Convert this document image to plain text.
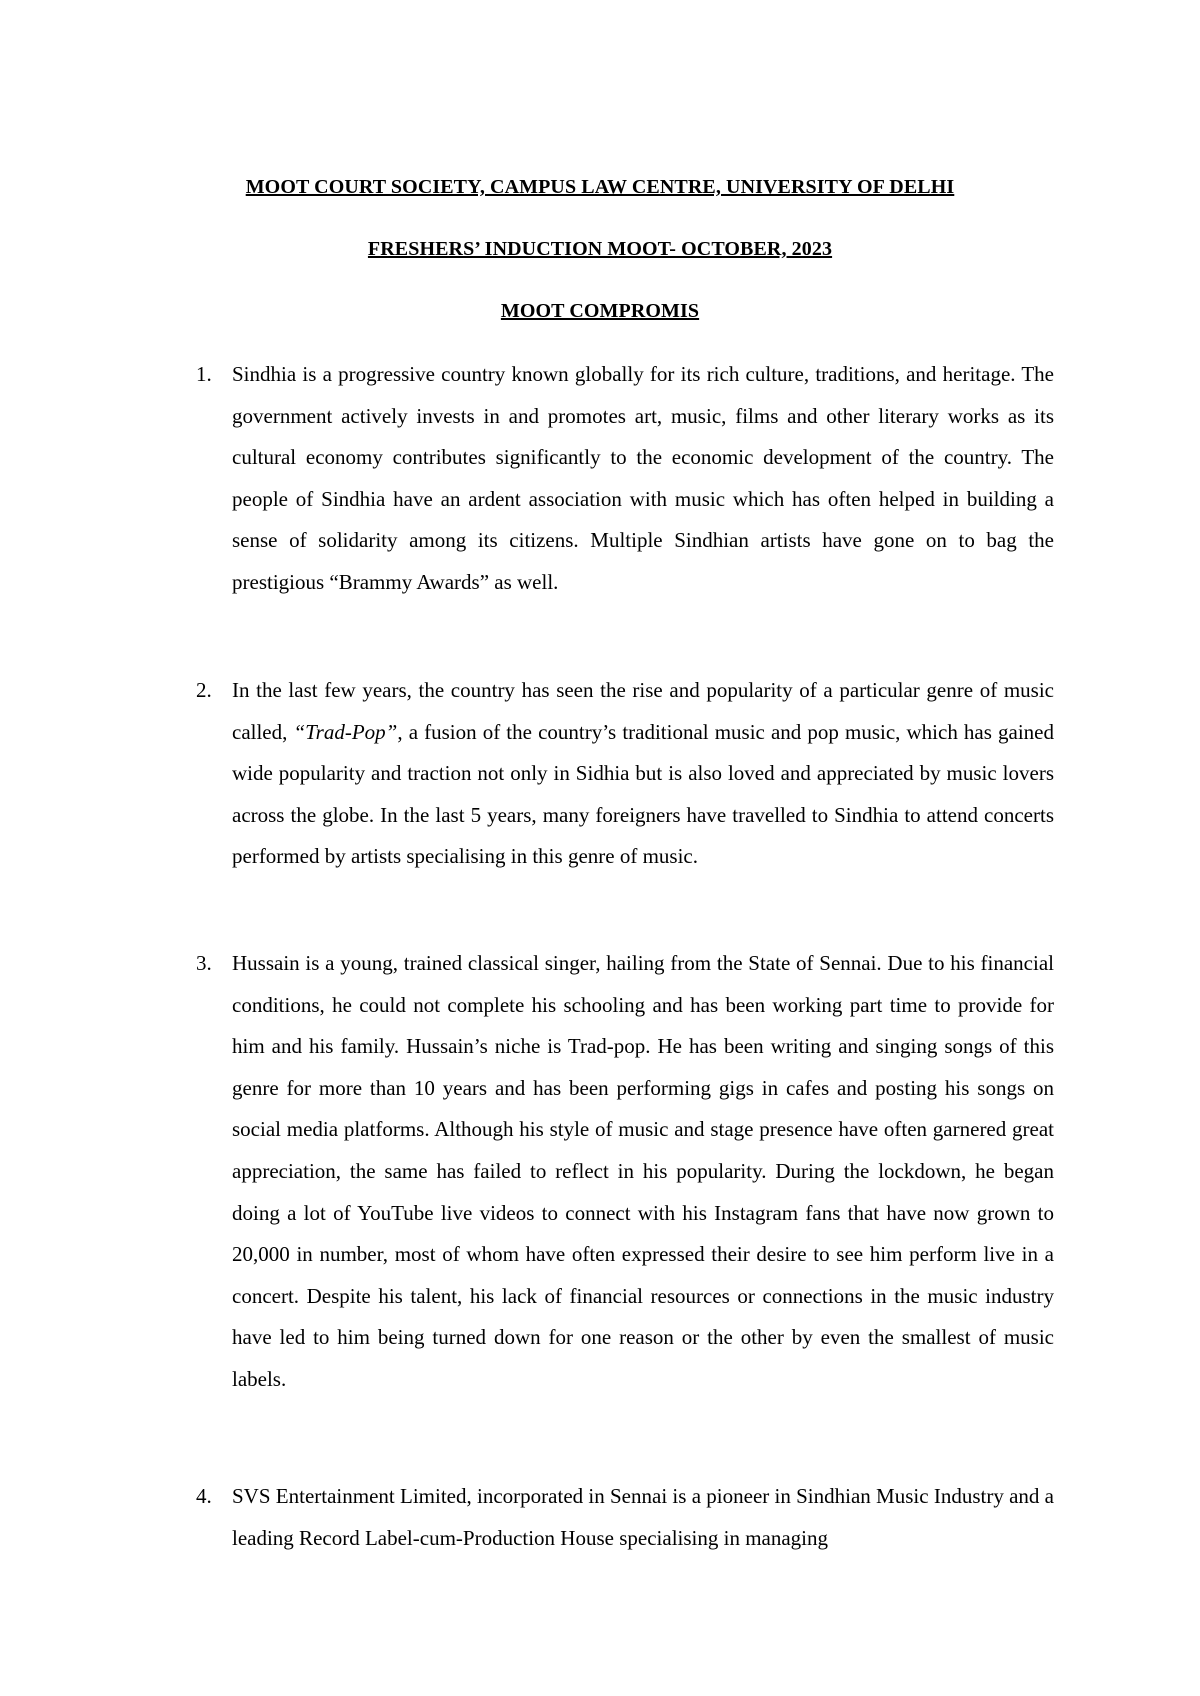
MOOT COURT SOCIETY, CAMPUS LAW CENTRE, UNIVERSITY OF DELHI
FRESHERS’ INDUCTION MOOT- OCTOBER, 2023
MOOT COMPROMIS

1. Sindhia is a progressive country known globally for its rich culture, traditions, and heritage. The government actively invests in and promotes art, music, films and other literary works as its cultural economy contributes significantly to the economic development of the country. The people of Sindhia have an ardent association with music which has often helped in building a sense of solidarity among its citizens. Multiple Sindhian artists have gone on to bag the prestigious “Brammy Awards” as well.

2. In the last few years, the country has seen the rise and popularity of a particular genre of music called, “Trad-Pop”, a fusion of the country’s traditional music and pop music, which has gained wide popularity and traction not only in Sidhia but is also loved and appreciated by music lovers across the globe. In the last 5 years, many foreigners have travelled to Sindhia to attend concerts performed by artists specialising in this genre of music.

3. Hussain is a young, trained classical singer, hailing from the State of Sennai. Due to his financial conditions, he could not complete his schooling and has been working part time to provide for him and his family. Hussain’s niche is Trad-pop. He has been writing and singing songs of this genre for more than 10 years and has been performing gigs in cafes and posting his songs on social media platforms. Although his style of music and stage presence have often garnered great appreciation, the same has failed to reflect in his popularity. During the lockdown, he began doing a lot of YouTube live videos to connect with his Instagram fans that have now grown to 20,000 in number, most of whom have often expressed their desire to see him perform live in a concert. Despite his talent, his lack of financial resources or connections in the music industry have led to him being turned down for one reason or the other by even the smallest of music labels.

4. SVS Entertainment Limited, incorporated in Sennai is a pioneer in Sindhian Music Industry and a leading Record Label-cum-Production House specialising in managing
